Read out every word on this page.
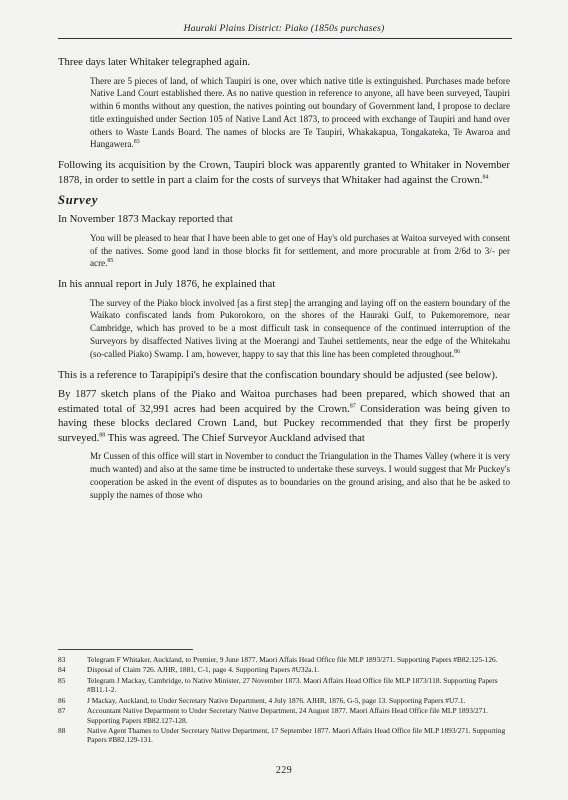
Hauraki Plains District: Piako (1850s purchases)

Three days later Whitaker telegraphed again.

There are 5 pieces of land, of which Taupiri is one, over which native title is extinguished. Purchases made before Native Land Court established there. As no native question in reference to anyone, all have been surveyed, Taupiri within 6 months without any question, the natives pointing out boundary of Government land, I propose to declare title extinguished under Section 105 of Native Land Act 1873, to proceed with exchange of Taupiri and hand over others to Waste Lands Board. The names of blocks are Te Taupiri, Whakakapua, Tongakateka, Te Awaroa and Hangawera.$^{83}$

Following its acquisition by the Crown, Taupiri block was apparently granted to Whitaker in November 1878, in order to settle in part a claim for the costs of surveys that Whitaker had against the Crown.$^{84}$

Survey

In November 1873 Mackay reported that

You will be pleased to hear that I have been able to get one of Hay's old purchases at Waitoa surveyed with consent of the natives. Some good land in those blocks fit for settlement, and more procurable at from 2/6d to 3/- per acre.$^{85}$

In his annual report in July 1876, he explained that

The survey of the Piako block involved [as a first step] the arranging and laying off on the eastern boundary of the Waikato confiscated lands from Pukorokoro, on the shores of the Hauraki Gulf, to Pukemoremore, near Cambridge, which has proved to be a most difficult task in consequence of the continued interruption of the Surveyors by disaffected Natives living at the Moerangi and Tauhei settlements, near the edge of the Whitekahu (so-called Piako) Swamp. I am, however, happy to say that this line has been completed throughout.$^{86}$

This is a reference to Tarapipipi's desire that the confiscation boundary should be adjusted (see below).

By 1877 sketch plans of the Piako and Waitoa purchases had been prepared, which showed that an estimated total of 32,991 acres had been acquired by the Crown.$^{87}$ Consideration was being given to having these blocks declared Crown Land, but Puckey recommended that they first be properly surveyed.$^{88}$ This was agreed. The Chief Surveyor Auckland advised that

Mr Cussen of this office will start in November to conduct the Triangulation in the Thames Valley (where it is very much wanted) and also at the same time be instructed to undertake these surveys. I would suggest that Mr Puckey's cooperation be asked in the event of disputes as to boundaries on the ground arising, and also that he be asked to supply the names of those who

83	Telegram F Whitaker, Auckland, to Premier, 9 June 1877. Maori Affais Head Office file MLP 1893/271. Supporting Papers #B82.125-126.
84	Disposal of Claim 726. AJHR, 1881, C-1, page 4. Supporting Papers #U32a.1.
85	Telegram J Mackay, Cambridge, to Native Minister, 27 November 1873. Maori Affairs Head Office file MLP 1873/118. Supporting Papers #B11.1-2.
86	J Mackay, Auckland, to Under Secretary Native Department, 4 July 1876. AJHR, 1876, G-5, page 13. Supporting Papers #U7.1.
87	Accountant Native Department to Under Secretary Native Department, 24 August 1877. Maori Affairs Head Office file MLP 1893/271. Supporting Papers #B82.127-128.
88	Native Agent Thames to Under Secretary Native Department, 17 September 1877. Maori Affairs Head Office file MLP 1893/271. Supporting Papers #B82.129-131.
229
